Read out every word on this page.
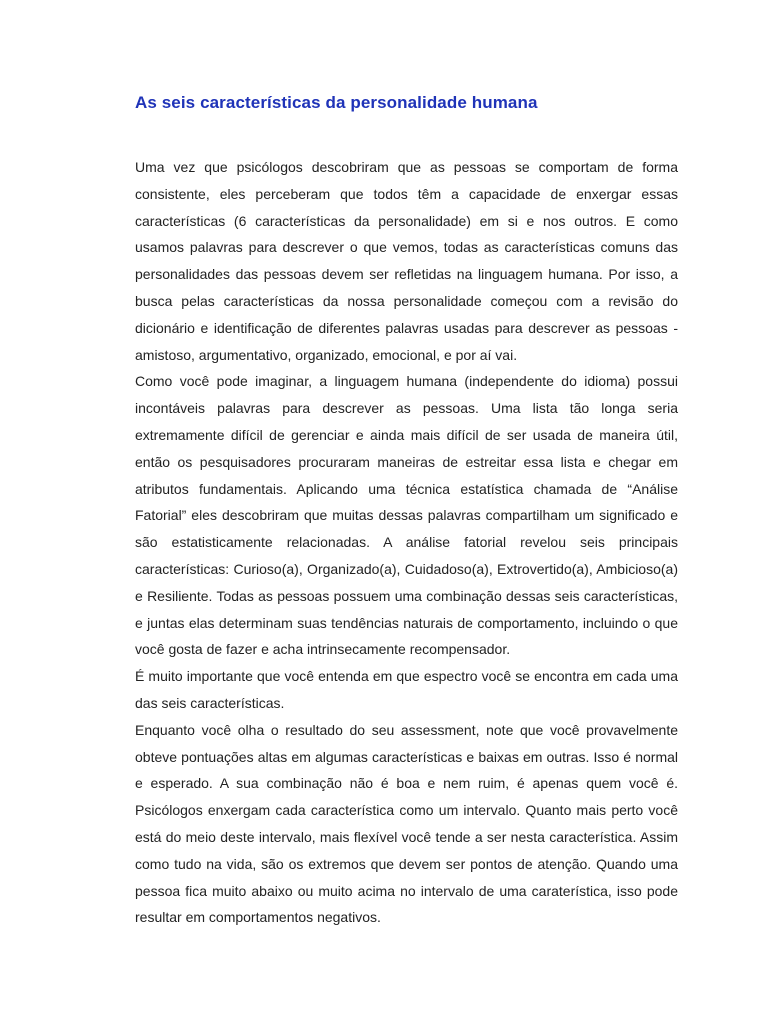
As seis características da personalidade humana

Uma vez que psicólogos descobriram que as pessoas se comportam de forma consistente, eles perceberam que todos têm a capacidade de enxergar essas características (6 características da personalidade) em si e nos outros. E como usamos palavras para descrever o que vemos, todas as características comuns das personalidades das pessoas devem ser refletidas na linguagem humana. Por isso, a busca pelas características da nossa personalidade começou com a revisão do dicionário e identificação de diferentes palavras usadas para descrever as pessoas - amistoso, argumentativo, organizado, emocional, e por aí vai.

Como você pode imaginar, a linguagem humana (independente do idioma) possui incontáveis palavras para descrever as pessoas. Uma lista tão longa seria extremamente difícil de gerenciar e ainda mais difícil de ser usada de maneira útil, então os pesquisadores procuraram maneiras de estreitar essa lista e chegar em atributos fundamentais. Aplicando uma técnica estatística chamada de “Análise Fatorial” eles descobriram que muitas dessas palavras compartilham um significado e são estatisticamente relacionadas. A análise fatorial revelou seis principais características: Curioso(a), Organizado(a), Cuidadoso(a), Extrovertido(a), Ambicioso(a) e Resiliente. Todas as pessoas possuem uma combinação dessas seis características, e juntas elas determinam suas tendências naturais de comportamento, incluindo o que você gosta de fazer e acha intrinsecamente recompensador.

É muito importante que você entenda em que espectro você se encontra em cada uma das seis características.

Enquanto você olha o resultado do seu assessment, note que você provavelmente obteve pontuações altas em algumas características e baixas em outras. Isso é normal e esperado. A sua combinação não é boa e nem ruim, é apenas quem você é. Psicólogos enxergam cada característica como um intervalo. Quanto mais perto você está do meio deste intervalo, mais flexível você tende a ser nesta característica. Assim como tudo na vida, são os extremos que devem ser pontos de atenção. Quando uma pessoa fica muito abaixo ou muito acima no intervalo de uma caraterística, isso pode resultar em comportamentos negativos.
